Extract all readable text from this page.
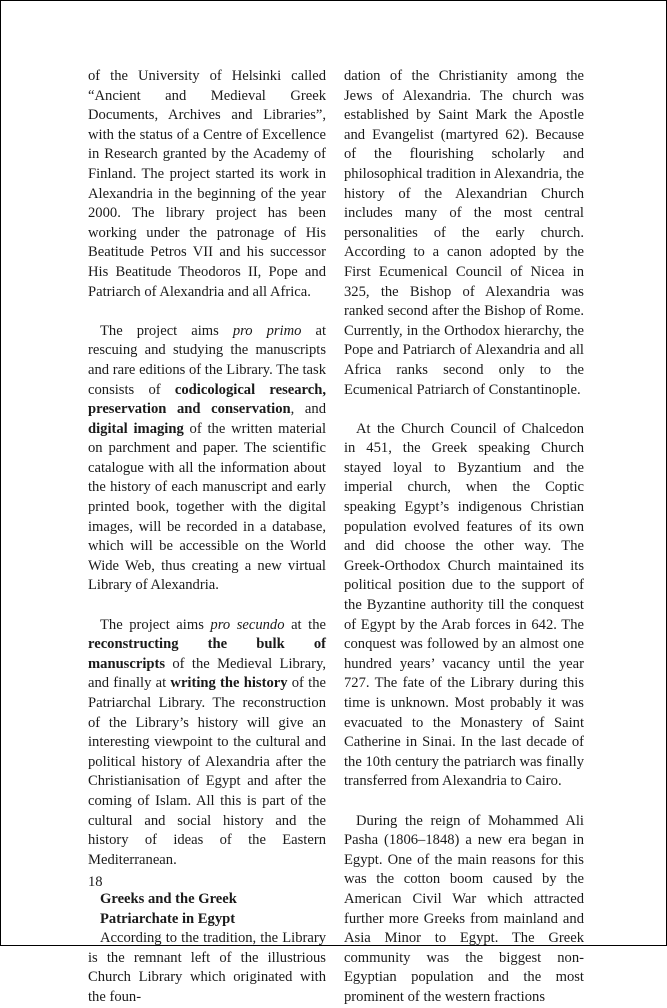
of the University of Helsinki called “Ancient and Medieval Greek Documents, Archives and Libraries”, with the status of a Centre of Excellence in Research granted by the Academy of Finland. The project started its work in Alexandria in the beginning of the year 2000. The library project has been working under the patronage of His Beatitude Petros VII and his successor His Beatitude Theodoros II, Pope and Patriarch of Alexandria and all Africa.

The project aims pro primo at rescuing and studying the manuscripts and rare editions of the Library. The task consists of codicological research, preservation and conservation, and digital imaging of the written material on parchment and paper. The scientific catalogue with all the information about the history of each manuscript and early printed book, together with the digital images, will be recorded in a database, which will be accessible on the World Wide Web, thus creating a new virtual Library of Alexandria.

The project aims pro secundo at the reconstructing the bulk of manuscripts of the Medieval Library, and finally at writing the history of the Patriarchal Library. The reconstruction of the Library’s history will give an interesting viewpoint to the cultural and political history of Alexandria after the Christianisation of Egypt and after the coming of Islam. All this is part of the cultural and social history and the history of ideas of the Eastern Mediterranean.

Greeks and the Greek
Patriarchate in Egypt

According to the tradition, the Library is the remnant left of the illustrious Church Library which originated with the foun-

dation of the Christianity among the Jews of Alexandria. The church was established by Saint Mark the Apostle and Evangelist (martyred 62). Because of the flourishing scholarly and philosophical tradition in Alexandria, the history of the Alexandrian Church includes many of the most central personalities of the early church. According to a canon adopted by the First Ecumenical Council of Nicea in 325, the Bishop of Alexandria was ranked second after the Bishop of Rome. Currently, in the Orthodox hierarchy, the Pope and Patriarch of Alexandria and all Africa ranks second only to the Ecumenical Patriarch of Constantinople.

At the Church Council of Chalcedon in 451, the Greek speaking Church stayed loyal to Byzantium and the imperial church, when the Coptic speaking Egypt’s indigenous Christian population evolved features of its own and did choose the other way. The Greek-Orthodox Church maintained its political position due to the support of the Byzantine authority till the conquest of Egypt by the Arab forces in 642. The conquest was followed by an almost one hundred years’ vacancy until the year 727. The fate of the Library during this time is unknown. Most probably it was evacuated to the Monastery of Saint Catherine in Sinai. In the last decade of the 10th century the patriarch was finally transferred from Alexandria to Cairo.

During the reign of Mohammed Ali Pasha (1806–1848) a new era began in Egypt. One of the main reasons for this was the cotton boom caused by the American Civil War which attracted further more Greeks from mainland and Asia Minor to Egypt. The Greek community was the biggest non-Egyptian population and the most prominent of the western fractions

18
